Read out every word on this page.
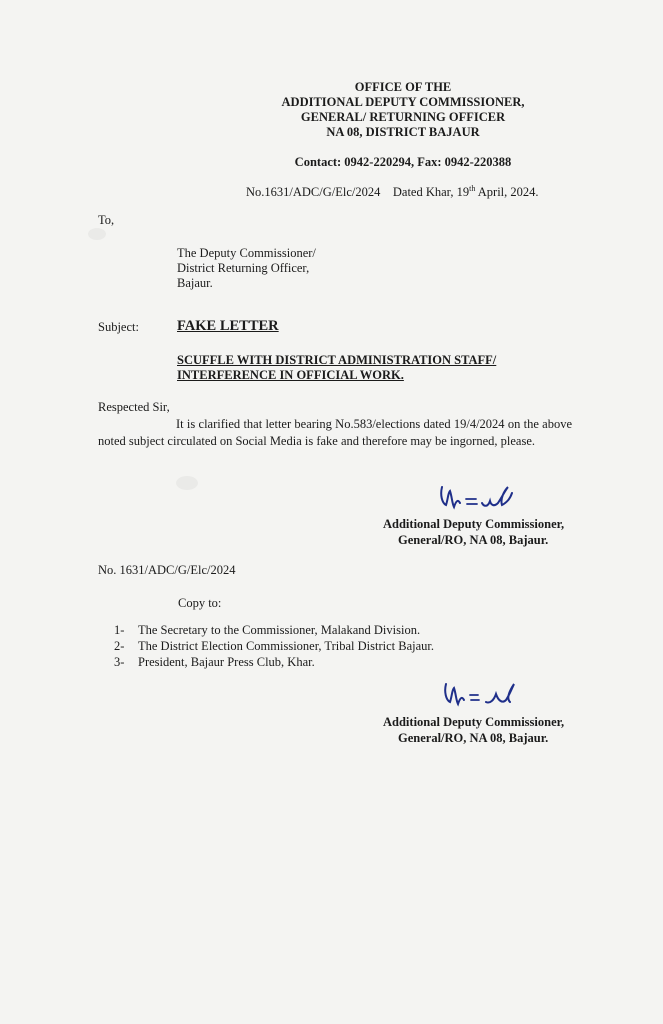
OFFICE OF THE
ADDITIONAL DEPUTY COMMISSIONER,
GENERAL/ RETURNING OFFICER
NA 08, DISTRICT BAJAUR
Contact: 0942-220294, Fax: 0942-220388
No.1631/ADC/G/Elc/2024 Dated Khar, 19th April, 2024.
To,
The Deputy Commissioner/
District Returning Officer,
Bajaur.
Subject:	FAKE LETTER
SCUFFLE WITH DISTRICT ADMINISTRATION STAFF/
INTERFERENCE IN OFFICIAL WORK.
Respected Sir,
It is clarified that letter bearing No.583/elections dated 19/4/2024 on the above noted subject circulated on Social Media is fake and therefore may be ingorned, please.
Additional Deputy Commissioner,
General/RO, NA 08, Bajaur.
No. 1631/ADC/G/Elc/2024
Copy to:
1- The Secretary to the Commissioner, Malakand Division.
2- The District Election Commissioner, Tribal District Bajaur.
3- President, Bajaur Press Club, Khar.
Additional Deputy Commissioner,
General/RO, NA 08, Bajaur.
